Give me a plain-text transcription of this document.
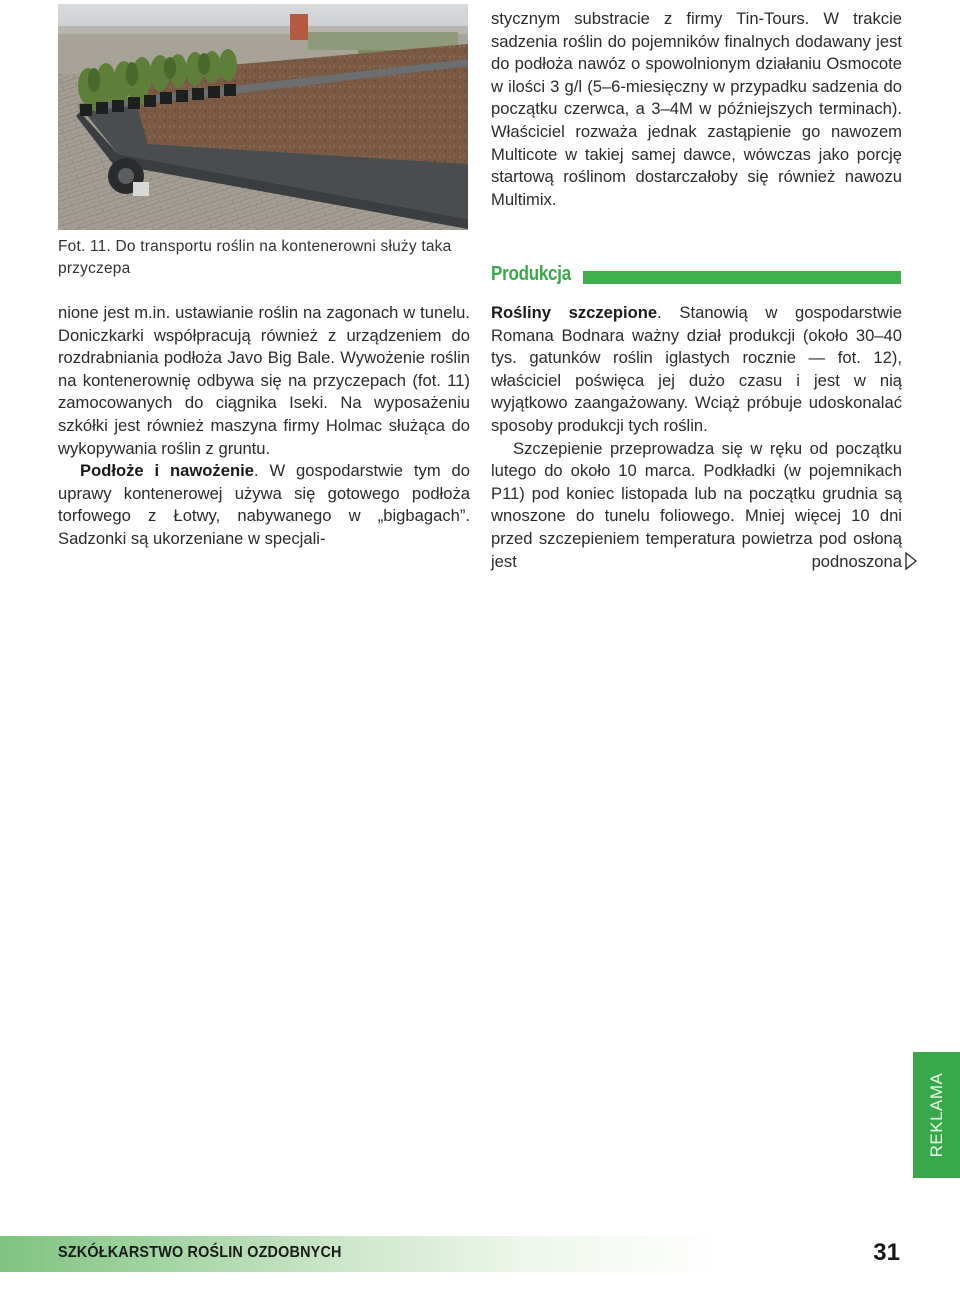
Fot. 11. Do transportu roślin na kontenerowni służy taka przyczepa

nione jest m.in. ustawianie roślin na zagonach w tunelu. Doniczkarki współpracują również z urządzeniem do rozdrabniania podłoża Javo Big Bale. Wywożenie roślin na kontenerownię odbywa się na przyczepach (fot. 11) zamocowanych do ciągnika Iseki. Na wyposażeniu szkółki jest również maszyna firmy Holmac służąca do wykopywania roślin z gruntu.

Podłoże i nawożenie. W gospodarstwie tym do uprawy kontenerowej używa się gotowego podłoża torfowego z Łotwy, nabywanego w „bigbagach”. Sadzonki są ukorzeniane w specjali-

stycznym substracie z firmy Tin-Tours. W trakcie sadzenia roślin do pojemników finalnych dodawany jest do podłoża nawóz o spowolnionym działaniu Osmocote w ilości 3 g/l (5–6-miesięczny w przypadku sadzenia do początku czerwca, a 3–4M w późniejszych terminach). Właściciel rozważa jednak zastąpienie go nawozem Multicote w takiej samej dawce, wówczas jako porcję startową roślinom dostarczałoby się również nawozu Multimix.

Produkcja

Rośliny szczepione. Stanowią w gospodarstwie Romana Bodnara ważny dział produkcji (około 30–40 tys. gatunków roślin iglastych rocznie — fot. 12), właściciel poświęca jej dużo czasu i jest w nią wyjątkowo zaangażowany. Wciąż próbuje udoskonalać sposoby produkcji tych roślin.

Szczepienie przeprowadza się w ręku od początku lutego do około 10 marca. Podkładki (w pojemnikach P11) pod koniec listopada lub na początku grudnia są wnoszone do tunelu foliowego. Mniej więcej 10 dni przed szczepieniem temperatura powietrza pod osłoną jest podnoszona

REKLAMA
SZKÓŁKARSTWO ROŚLIN OZDOBNYCH	31
